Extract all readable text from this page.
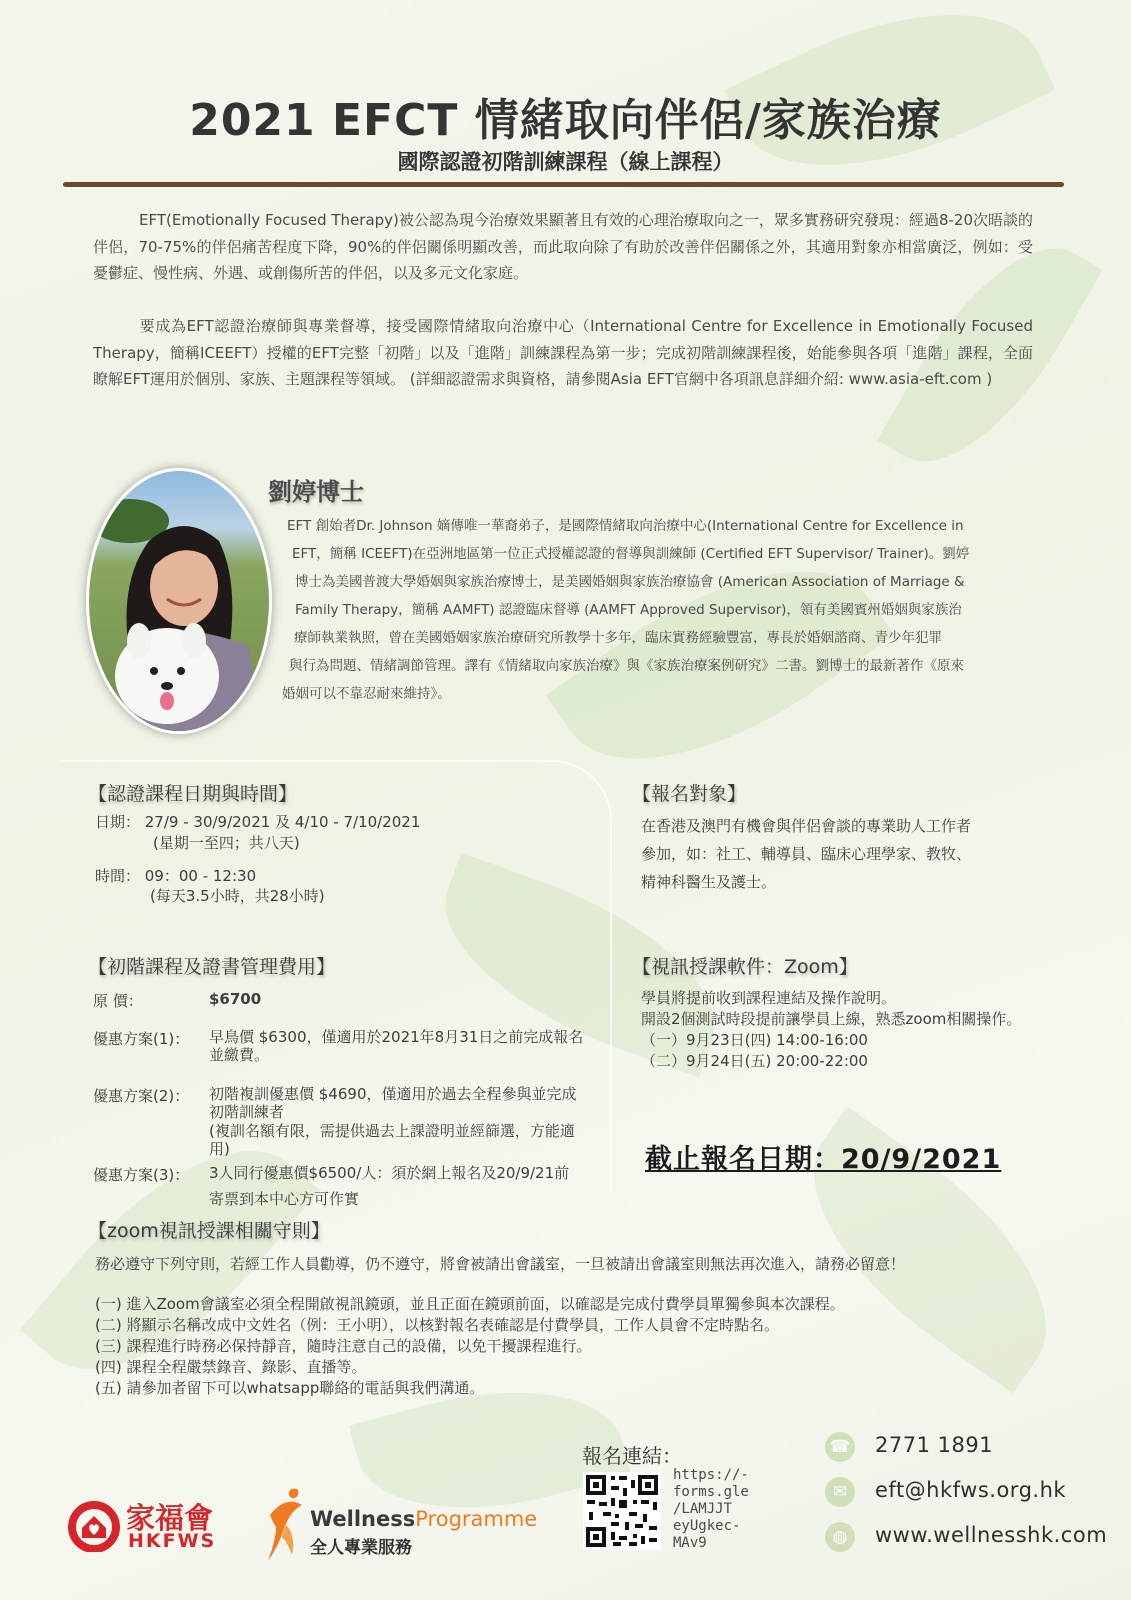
2021 EFCT 情緒取向伴侶/家族治療
國際認證初階訓練課程（線上課程）
EFT(Emotionally Focused Therapy)被公認為現今治療效果顯著且有效的心理治療取向之一，眾多實務研究發現：經過8-20次晤談的伴侶，70-75%的伴侶痛苦程度下降，90%的伴侶關係明顯改善，而此取向除了有助於改善伴侶關係之外，其適用對象亦相當廣泛，例如：受憂鬱症、慢性病、外遇、或創傷所苦的伴侶，以及多元文化家庭。
要成為EFT認證治療師與專業督導，接受國際情緒取向治療中心（International Centre for Excellence in Emotionally Focused Therapy，簡稱ICEEFT）授權的EFT完整「初階」以及「進階」訓練課程為第一步；完成初階訓練課程後，始能參與各項「進階」課程，全面瞭解EFT運用於個別、家族、主題課程等領域。 (詳細認證需求與資格，請參閱Asia EFT官網中各項訊息詳細介紹: www.asia-eft.com )
劉婷博士
EFT 創始者Dr. Johnson 嫡傳唯一華裔弟子，是國際情緒取向治療中心(International Centre for Excellence in
EFT，簡稱 ICEEFT)在亞洲地區第一位正式授權認證的督導與訓練師 (Certified EFT Supervisor/ Trainer)。劉婷
博士為美國普渡大學婚姻與家族治療博士，是美國婚姻與家族治療協會 (American Association of Marriage &
Family Therapy，簡稱 AAMFT) 認證臨床督導 (AAMFT Approved Supervisor)，領有美國賓州婚姻與家族治
療師執業執照，曾在美國婚姻家族治療研究所教學十多年，臨床實務經驗豐富，專長於婚姻諮商、青少年犯罪
與行為問題、情緒調節管理。譯有《情緒取向家族治療》與《家族治療案例研究》二書。劉博士的最新著作《原來
婚姻可以不靠忍耐來維持》。
【認證課程日期與時間】
日期： 27/9 - 30/9/2021 及 4/10 - 7/10/2021
(星期一至四；共八天)
時間： 09：00 - 12:30
(每天3.5小時，共28小時)
【報名對象】
在香港及澳門有機會與伴侶會談的專業助人工作者
參加，如：社工、輔導員、臨床心理學家、教牧、
精神科醫生及護士。
【初階課程及證書管理費用】
原 價：	$6700
優惠方案(1)： 早鳥價 $6300，僅適用於2021年8月31日之前完成報名並繳費。
優惠方案(2)： 初階複訓優惠價 $4690，僅適用於過去全程參與並完成初階訓練者
(複訓名額有限，需提供過去上課證明並經篩選，方能適用)
優惠方案(3)： 3人同行優惠價$6500/人：須於網上報名及20/9/21前
寄票到本中心方可作實
【視訊授課軟件：Zoom】
學員將提前收到課程連結及操作說明。
開設2個測試時段提前讓學員上線，熟悉zoom相關操作。
（一）9月23日(四) 14:00-16:00
（二）9月24日(五) 20:00-22:00
截止報名日期：20/9/2021
【zoom視訊授課相關守則】
務必遵守下列守則，若經工作人員勸導，仍不遵守，將會被請出會議室，一旦被請出會議室則無法再次進入，請務必留意！
(一) 進入Zoom會議室必須全程開啟視訊鏡頭，並且正面在鏡頭前面，以確認是完成付費學員單獨參與本次課程。
(二) 將顯示名稱改成中文姓名（例：王小明），以核對報名表確認是付費學員，工作人員會不定時點名。
(三) 課程進行時務必保持靜音，隨時注意自己的設備，以免干擾課程進行。
(四) 課程全程嚴禁錄音、錄影、直播等。
(五) 請參加者留下可以whatsapp聯絡的電話與我們溝通。
報名連結：
https://-
forms.gle
/LAMJJT
eyUgkec-
MAv9
☎ 2771 1891
✉	eft@hkfws.org.hk
◍	www.wellnesshk.com
家福會
HKFWS
WellnessProgramme
全人專業服務
